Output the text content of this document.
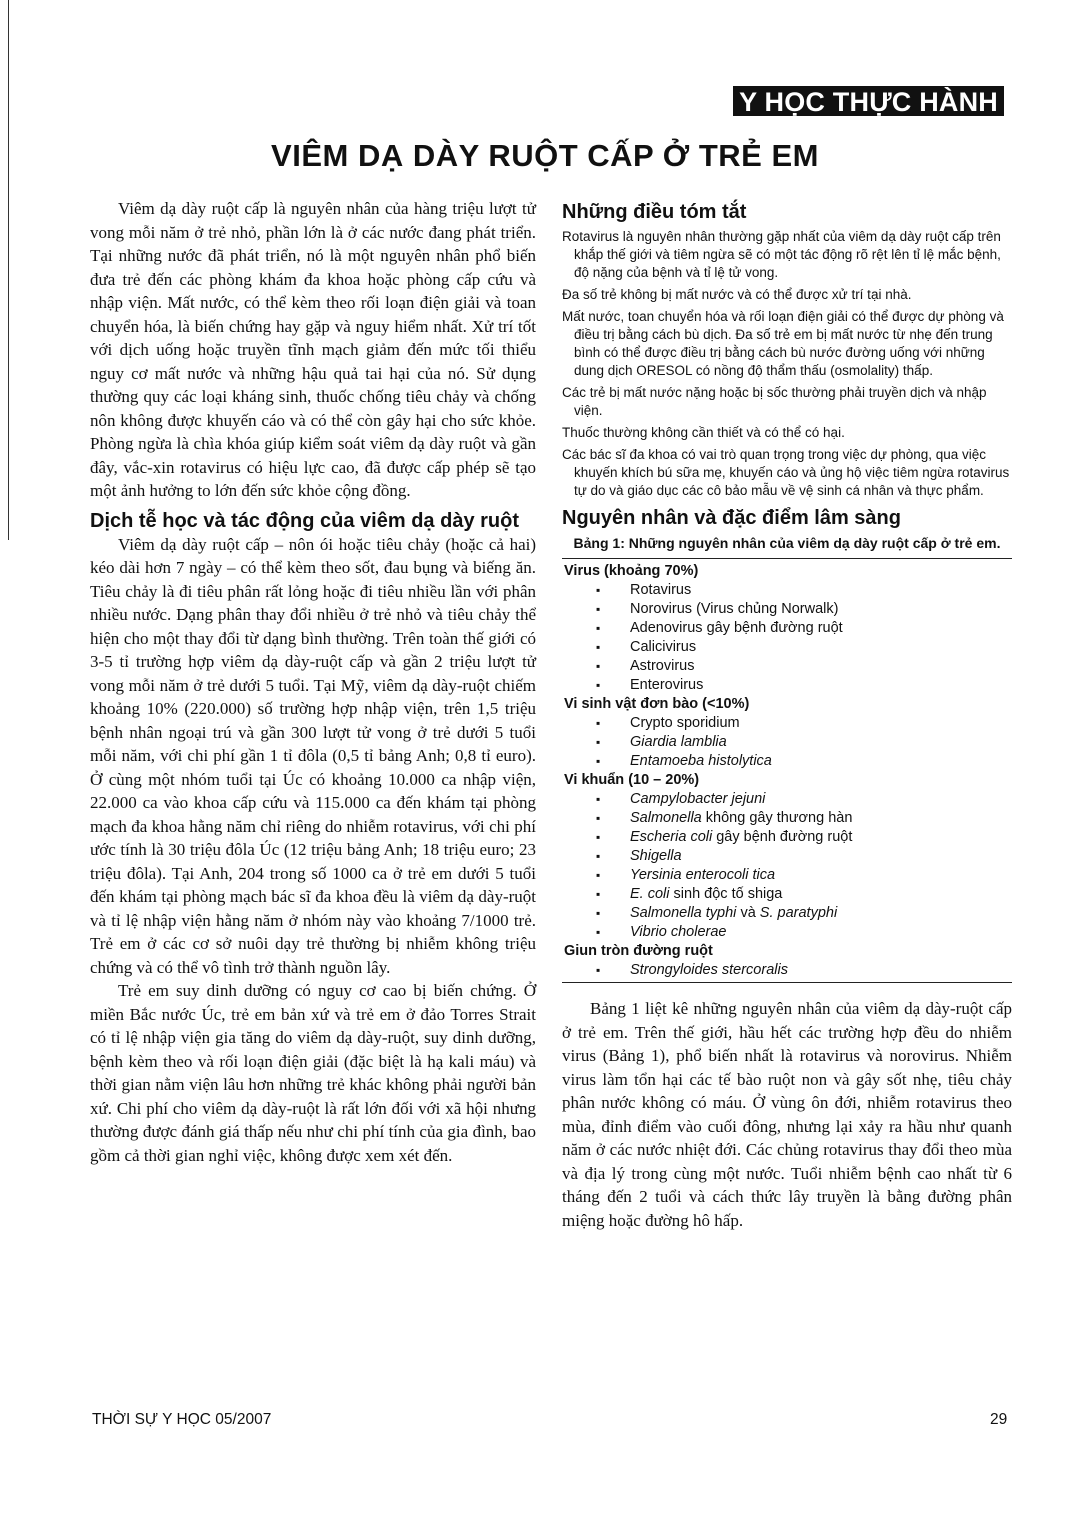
Y HỌC THỰC HÀNH
VIÊM DẠ DÀY RUỘT CẤP Ở TRẺ EM

Viêm dạ dày ruột cấp là nguyên nhân của hàng triệu lượt tử vong mỗi năm ở trẻ nhỏ, phần lớn là ở các nước đang phát triển. Tại những nước đã phát triển, nó là một nguyên nhân phổ biến đưa trẻ đến các phòng khám đa khoa hoặc phòng cấp cứu và nhập viện. Mất nước, có thể kèm theo rối loạn điện giải và toan chuyển hóa, là biến chứng hay gặp và nguy hiểm nhất. Xử trí tốt với dịch uống hoặc truyền tĩnh mạch giảm đến mức tối thiểu nguy cơ mất nước và những hậu quả tai hại của nó. Sử dụng thường quy các loại kháng sinh, thuốc chống tiêu chảy và chống nôn không được khuyến cáo và có thể còn gây hại cho sức khỏe. Phòng ngừa là chìa khóa giúp kiểm soát viêm dạ dày ruột và gần đây, vắc-xin rotavirus có hiệu lực cao, đã được cấp phép sẽ tạo một ảnh hưởng to lớn đến sức khỏe cộng đồng.

Dịch tễ học và tác động của viêm dạ dày ruột

Viêm dạ dày ruột cấp – nôn ói hoặc tiêu chảy (hoặc cả hai) kéo dài hơn 7 ngày – có thể kèm theo sốt, đau bụng và biếng ăn. Tiêu chảy là đi tiêu phân rất lỏng hoặc đi tiêu nhiều lần với phân nhiều nước. Dạng phân thay đổi nhiều ở trẻ nhỏ và tiêu chảy thể hiện cho một thay đổi từ dạng bình thường. Trên toàn thế giới có 3-5 tỉ trường hợp viêm dạ dày-ruột cấp và gần 2 triệu lượt tử vong mỗi năm ở trẻ dưới 5 tuổi. Tại Mỹ, viêm dạ dày-ruột chiếm khoảng 10% (220.000) số trường hợp nhập viện, trên 1,5 triệu bệnh nhân ngoại trú và gần 300 lượt tử vong ở trẻ dưới 5 tuổi mỗi năm, với chi phí gần 1 tỉ đôla (0,5 tỉ bảng Anh; 0,8 tỉ euro). Ở cùng một nhóm tuổi tại Úc có khoảng 10.000 ca nhập viện, 22.000 ca vào khoa cấp cứu và 115.000 ca đến khám tại phòng mạch đa khoa hằng năm chỉ riêng do nhiễm rotavirus, với chi phí ước tính là 30 triệu đôla Úc (12 triệu bảng Anh; 18 triệu euro; 23 triệu đôla). Tại Anh, 204 trong số 1000 ca ở trẻ em dưới 5 tuổi đến khám tại phòng mạch bác sĩ đa khoa đều là viêm dạ dày-ruột và tỉ lệ nhập viện hằng năm ở nhóm này vào khoảng 7/1000 trẻ. Trẻ em ở các cơ sở nuôi dạy trẻ thường bị nhiễm không triệu chứng và có thể vô tình trở thành nguồn lây.

Trẻ em suy dinh dưỡng có nguy cơ cao bị biến chứng. Ở miền Bắc nước Úc, trẻ em bản xứ và trẻ em ở đảo Torres Strait có tỉ lệ nhập viện gia tăng do viêm dạ dày-ruột, suy dinh dưỡng, bệnh kèm theo và rối loạn điện giải (đặc biệt là hạ kali máu) và thời gian nằm viện lâu hơn những trẻ khác không phải người bản xứ. Chi phí cho viêm dạ dày-ruột là rất lớn đối với xã hội nhưng thường được đánh giá thấp nếu như chi phí tính của gia đình, bao gồm cả thời gian nghỉ việc, không được xem xét đến.

Những điều tóm tắt

Rotavirus là nguyên nhân thường gặp nhất của viêm dạ dày ruột cấp trên khắp thế giới và tiêm ngừa sẽ có một tác động rõ rệt lên tỉ lệ mắc bệnh, độ nặng của bệnh và tỉ lệ tử vong.

Đa số trẻ không bị mất nước và có thể được xử trí tại nhà.

Mất nước, toan chuyển hóa và rối loạn điện giải có thể được dự phòng và điều trị bằng cách bù dịch. Đa số trẻ em bị mất nước từ nhẹ đến trung bình có thể được điều trị bằng cách bù nước đường uống với những dung dịch ORESOL có nồng độ thẩm thấu (osmolality) thấp.

Các trẻ bị mất nước nặng hoặc bị sốc thường phải truyền dịch và nhập viện.

Thuốc thường không cần thiết và có thể có hại.

Các bác sĩ đa khoa có vai trò quan trọng trong việc dự phòng, qua việc khuyến khích bú sữa mẹ, khuyến cáo và ủng hộ việc tiêm ngừa rotavirus tự do và giáo dục các cô bảo mẫu về vệ sinh cá nhân và thực phẩm.

Nguyên nhân và đặc điểm lâm sàng
Bảng 1: Những nguyên nhân của viêm dạ dày ruột cấp ở trẻ em.
Virus (khoảng 70%)
▪ Rotavirus
▪ Norovirus (Virus chủng Norwalk)
▪ Adenovirus gây bệnh đường ruột
▪ Calicivirus
▪ Astrovirus
▪ Enterovirus
Vi sinh vật đơn bào (<10%)
▪ Crypto sporidium
▪ Giardia lamblia
▪ Entamoeba histolytica
Vi khuẩn (10 – 20%)
▪ Campylobacter jejuni
▪ Salmonella không gây thương hàn
▪ Escheria coli gây bệnh đường ruột
▪ Shigella
▪ Yersinia enterocoli tica
▪ E. coli sinh độc tố shiga
▪ Salmonella typhi và S. paratyphi
▪ Vibrio cholerae
Giun tròn đường ruột
▪ Strongyloides stercoralis

Bảng 1 liệt kê những nguyên nhân của viêm dạ dày-ruột cấp ở trẻ em. Trên thế giới, hầu hết các trường hợp đều do nhiễm virus (Bảng 1), phổ biến nhất là rotavirus và norovirus. Nhiễm virus làm tổn hại các tế bào ruột non và gây sốt nhẹ, tiêu chảy phân nước không có máu. Ở vùng ôn đới, nhiễm rotavirus theo mùa, đỉnh điểm vào cuối đông, nhưng lại xảy ra hầu như quanh năm ở các nước nhiệt đới. Các chủng rotavirus thay đổi theo mùa và địa lý trong cùng một nước. Tuổi nhiễm bệnh cao nhất từ 6 tháng đến 2 tuổi và cách thức lây truyền là bằng đường phân miệng hoặc đường hô hấp.

THỜI SỰ Y HỌC 05/2007	29
